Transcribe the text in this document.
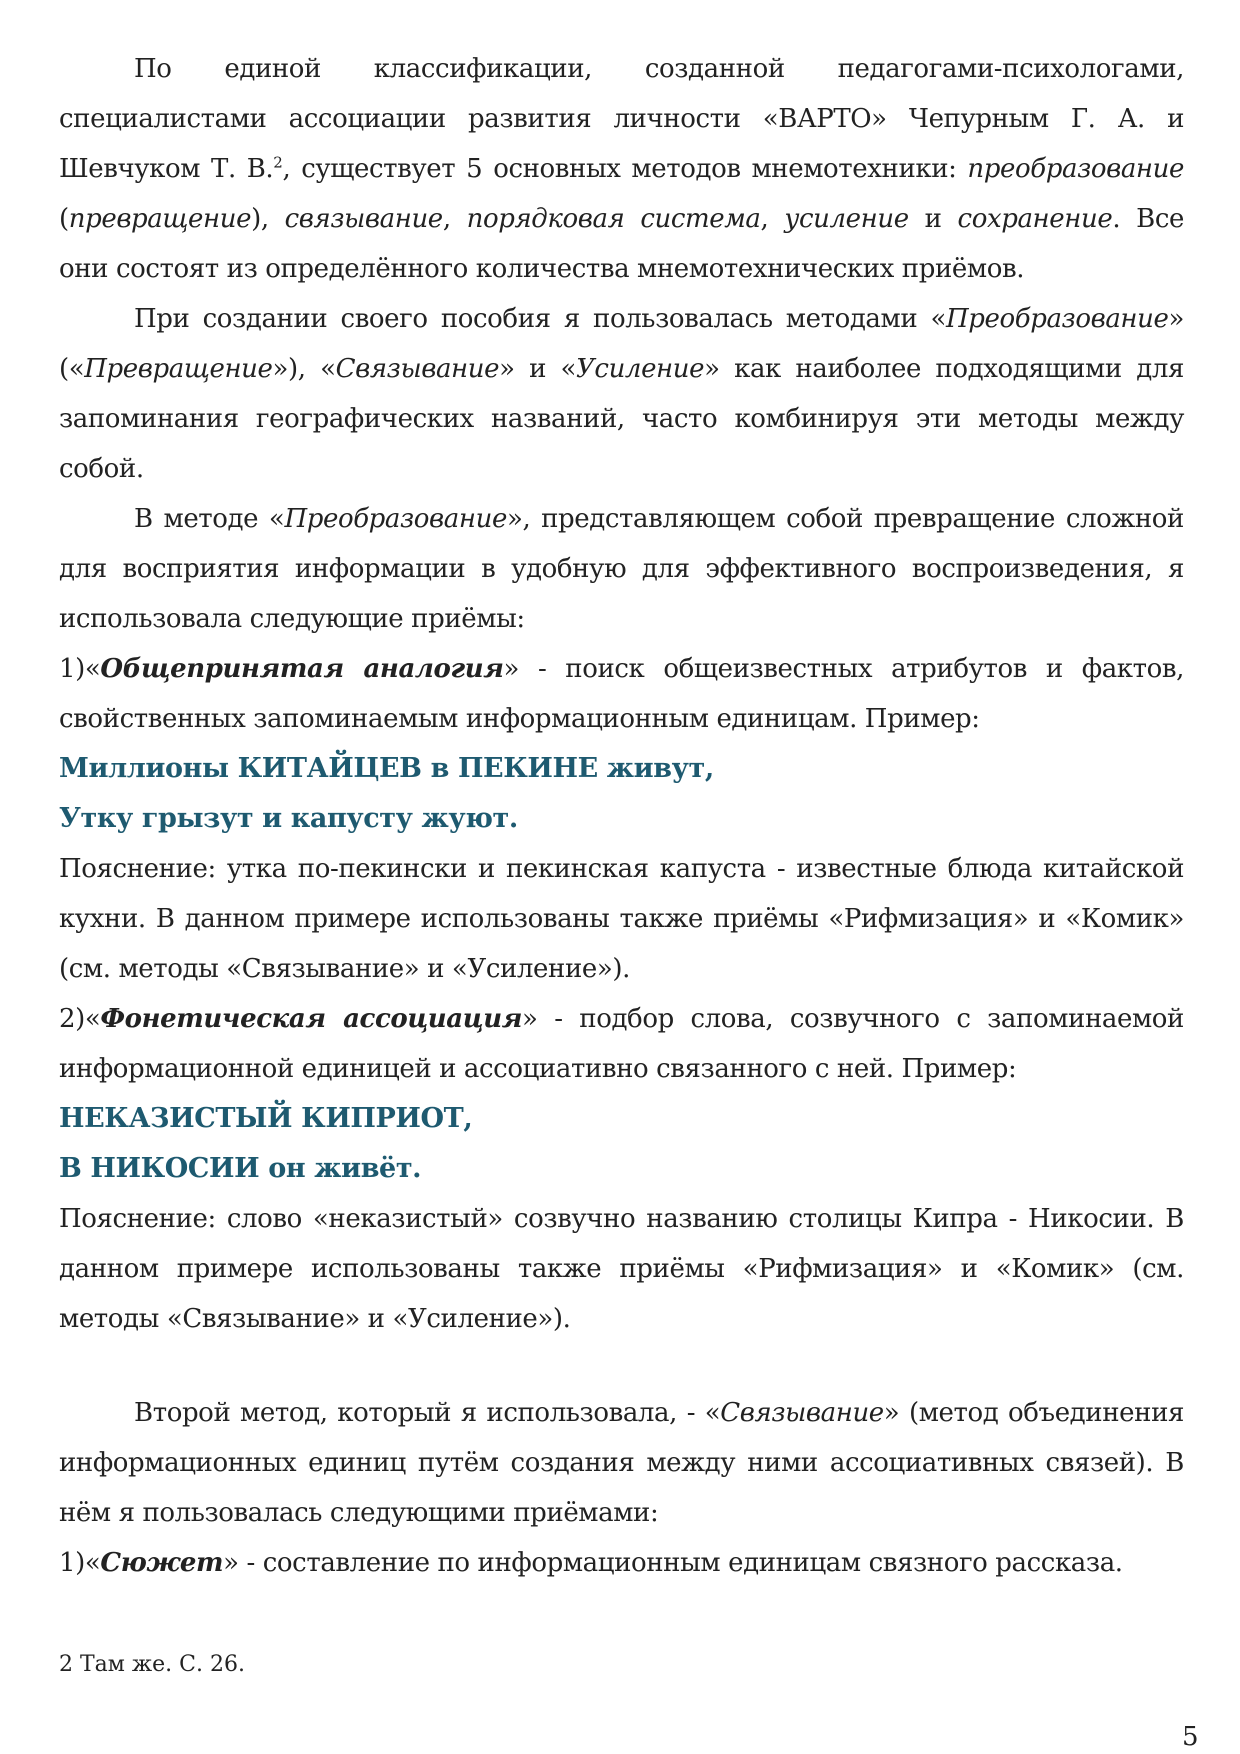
По единой классификации, созданной педагогами-психологами, специалистами ассоциации развития личности «ВАРТО» Чепурным Г. А. и Шевчуком Т. В.$^2$, существует 5 основных методов мнемотехники: преобразование (превращение), связывание, порядковая система, усиление и сохранение. Все они состоят из определённого количества мнемотехнических приёмов.

При создании своего пособия я пользовалась методами «Преобразование» («Превращение»), «Связывание» и «Усиление» как наиболее подходящими для запоминания географических названий, часто комбинируя эти методы между собой.

В методе «Преобразование», представляющем собой превращение сложной для восприятия информации в удобную для эффективного воспроизведения, я использовала следующие приёмы:

1)«Общепринятая аналогия» - поиск общеизвестных атрибутов и фактов, свойственных запоминаемым информационным единицам. Пример:

Миллионы КИТАЙЦЕВ в ПЕКИНЕ живут,

Утку грызут и капусту жуют.

Пояснение: утка по-пекински и пекинская капуста - известные блюда китайской кухни. В данном примере использованы также приёмы «Рифмизация» и «Комик» (см. методы «Связывание» и «Усиление»).

2)«Фонетическая ассоциация» - подбор слова, созвучного с запоминаемой информационной единицей и ассоциативно связанного с ней. Пример:

НЕКАЗИСТЫЙ КИПРИОТ,

В НИКОСИИ он живёт.

Пояснение: слово «неказистый» созвучно названию столицы Кипра - Никосии. В данном примере использованы также приёмы «Рифмизация» и «Комик» (см. методы «Связывание» и «Усиление»).

Второй метод, который я использовала, - «Связывание» (метод объединения информационных единиц путём создания между ними ассоциативных связей). В нём я пользовалась следующими приёмами:

1)«Сюжет» - составление по информационным единицам связного рассказа.

2 Там же. С. 26.

5
